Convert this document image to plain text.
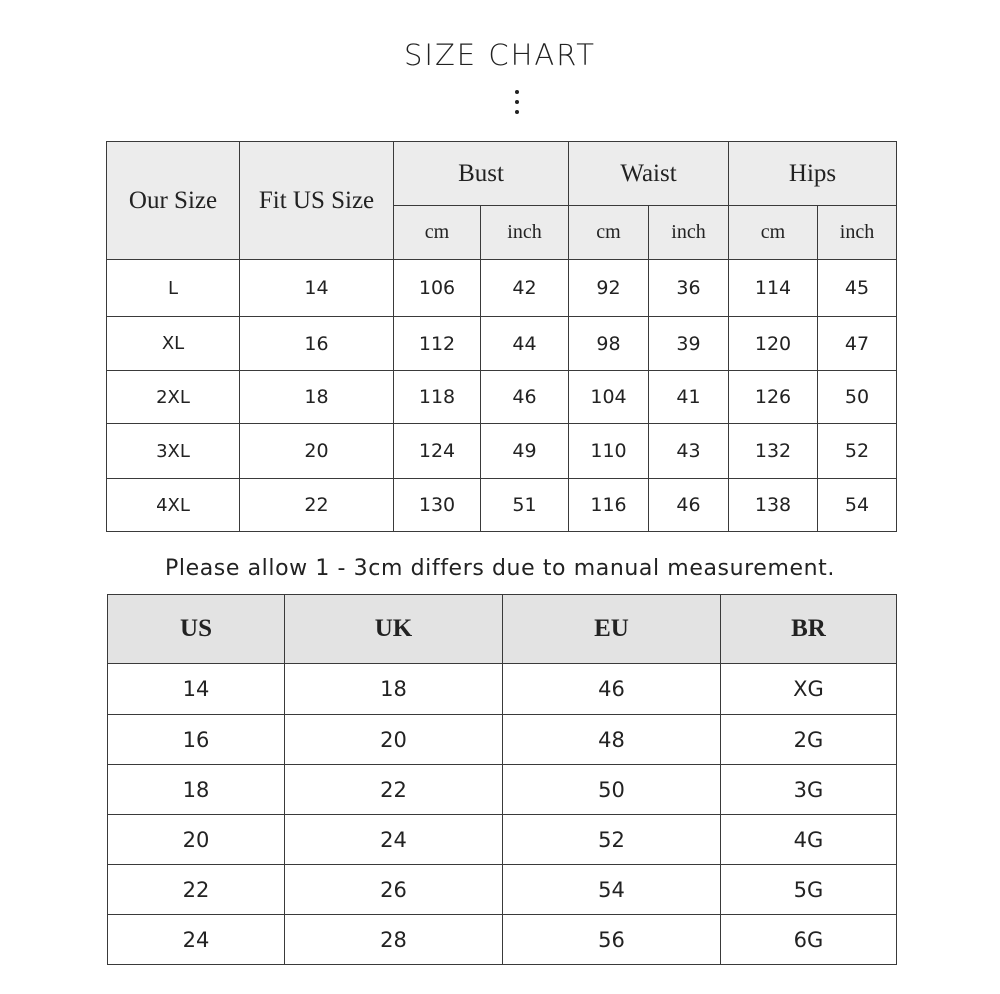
SIZE CHART
Our Size	Fit US Size	Bust		Waist		Hips	
		cm	inch	cm	inch	cm	inch
L	14	106	42	92	36	114	45
XL	16	112	44	98	39	120	47
2XL	18	118	46	104	41	126	50
3XL	20	124	49	110	43	132	52
4XL	22	130	51	116	46	138	54
Please allow 1 - 3cm differs due to manual measurement.
US	UK	EU	BR
14	18	46	XG
16	20	48	2G
18	22	50	3G
20	24	52	4G
22	26	54	5G
24	28	56	6G
